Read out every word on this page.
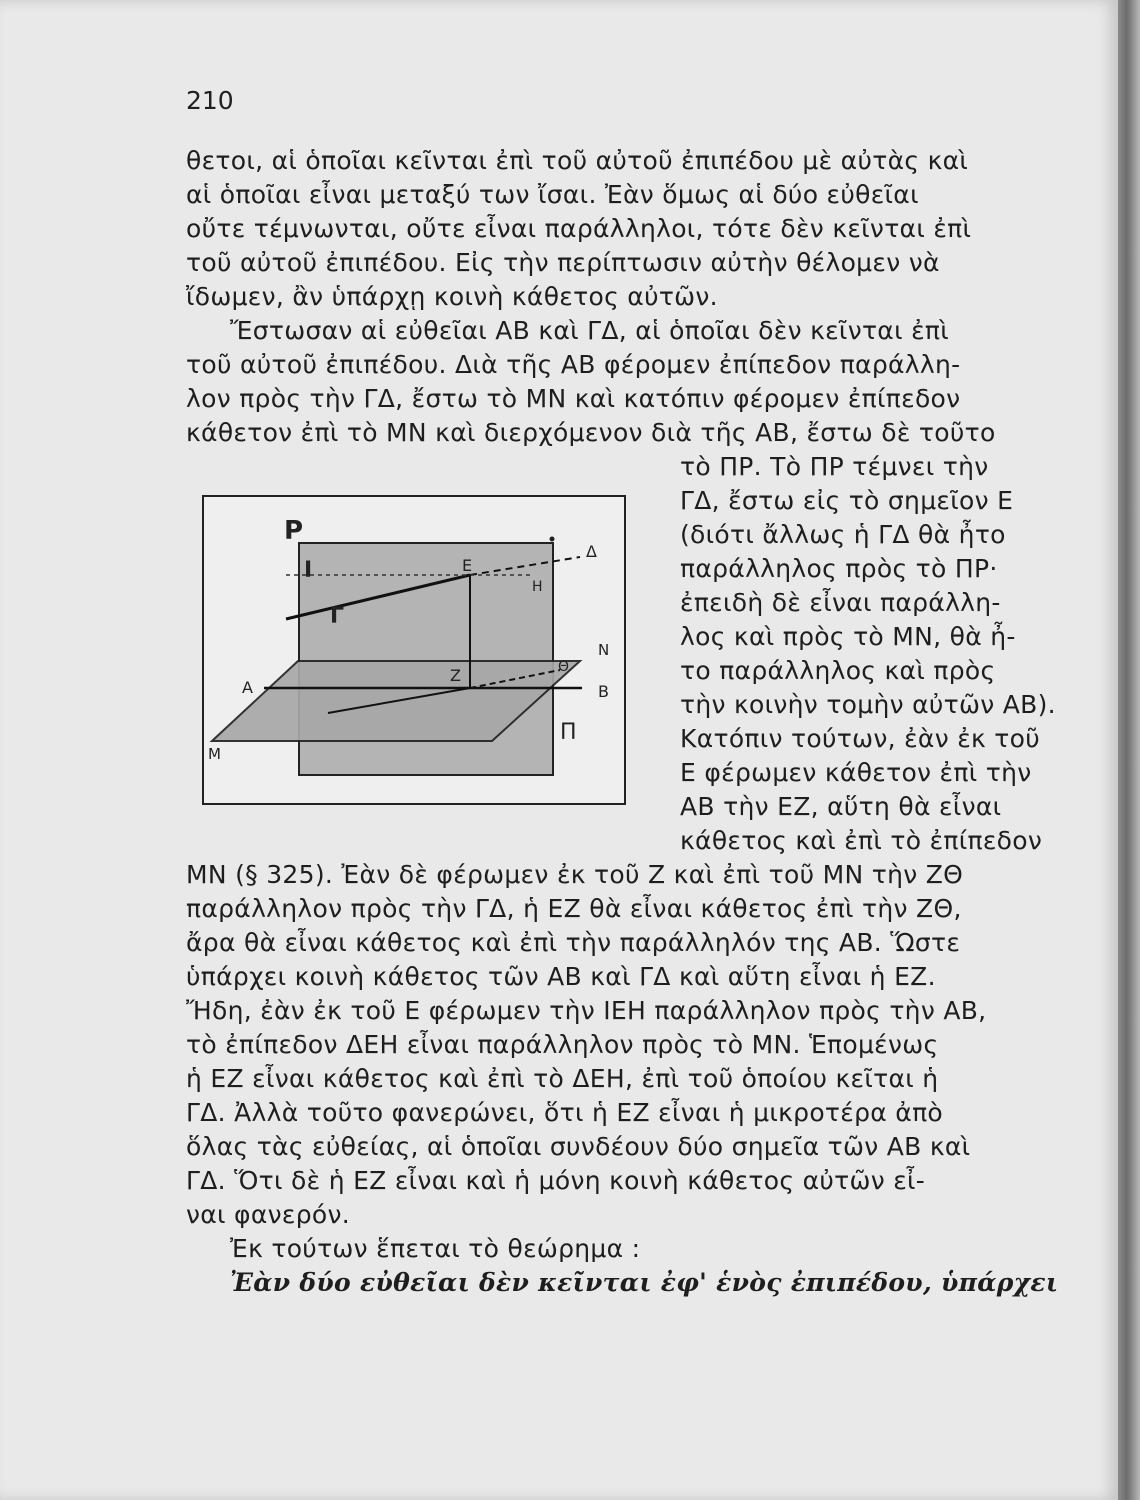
210
θετοι, αἱ ὁποῖαι κεῖνται ἐπὶ τοῦ αὐτοῦ ἐπιπέδου μὲ αὐτὰς καὶ
αἱ ὁποῖαι εἶναι μεταξύ των ἴσαι. Ἐὰν ὅμως αἱ δύο εὐθεῖαι
οὔτε τέμνωνται, οὔτε εἶναι παράλληλοι, τότε δὲν κεῖνται ἐπὶ
τοῦ αὐτοῦ ἐπιπέδου. Εἰς τὴν περίπτωσιν αὐτὴν θέλομεν νὰ
ἴδωμεν, ἂν ὑπάρχῃ κοινὴ κάθετος αὐτῶν.
Ἔστωσαν αἱ εὐθεῖαι ΑΒ καὶ ΓΔ, αἱ ὁποῖαι δὲν κεῖνται ἐπὶ
τοῦ αὐτοῦ ἐπιπέδου. Διὰ τῆς ΑΒ φέρομεν ἐπίπεδον παράλλη-
λον πρὸς τὴν ΓΔ, ἔστω τὸ ΜΝ καὶ κατόπιν φέρομεν ἐπίπεδον
κάθετον ἐπὶ τὸ ΜΝ καὶ διερχόμενον διὰ τῆς ΑΒ, ἔστω δὲ τοῦτο
τὸ ΠΡ. Τὸ ΠΡ τέμνει τὴν
ΓΔ, ἔστω εἰς τὸ σημεῖον Ε
(διότι ἄλλως ἡ ΓΔ θὰ ἦτο
παράλληλος πρὸς τὸ ΠΡ·
ἐπειδὴ δὲ εἶναι παράλλη-
λος καὶ πρὸς τὸ ΜΝ, θὰ ἦ-
το παράλληλος καὶ πρὸς
τὴν κοινὴν τομὴν αὐτῶν ΑΒ).
Κατόπιν τούτων, ἐὰν ἐκ τοῦ
Ε φέρωμεν κάθετον ἐπὶ τὴν
ΑΒ τὴν ΕΖ, αὕτη θὰ εἶναι
κάθετος καὶ ἐπὶ τὸ ἐπίπεδον
Ρ
Ι	Ε
Δ
Η
Γ
Ν
Θ
Α
Ζ
Β
Π
Μ
ΜΝ (§ 325). Ἐὰν δὲ φέρωμεν ἐκ τοῦ Ζ καὶ ἐπὶ τοῦ ΜΝ τὴν ΖΘ
παράλληλον πρὸς τὴν ΓΔ, ἡ ΕΖ θὰ εἶναι κάθετος ἐπὶ τὴν ΖΘ,
ἄρα θὰ εἶναι κάθετος καὶ ἐπὶ τὴν παράλληλόν της ΑΒ. Ὥστε
ὑπάρχει κοινὴ κάθετος τῶν ΑΒ καὶ ΓΔ καὶ αὕτη εἶναι ἡ ΕΖ.
Ἤδη, ἐὰν ἐκ τοῦ Ε φέρωμεν τὴν ΙΕΗ παράλληλον πρὸς τὴν ΑΒ,
τὸ ἐπίπεδον ΔΕΗ εἶναι παράλληλον πρὸς τὸ ΜΝ. Ἑπομένως
ἡ ΕΖ εἶναι κάθετος καὶ ἐπὶ τὸ ΔΕΗ, ἐπὶ τοῦ ὁποίου κεῖται ἡ
ΓΔ. Ἀλλὰ τοῦτο φανερώνει, ὅτι ἡ ΕΖ εἶναι ἡ μικροτέρα ἀπὸ
ὅλας τὰς εὐθείας, αἱ ὁποῖαι συνδέουν δύο σημεῖα τῶν ΑΒ καὶ
ΓΔ. Ὅτι δὲ ἡ ΕΖ εἶναι καὶ ἡ μόνη κοινὴ κάθετος αὐτῶν εἶ-
ναι φανερόν.
Ἐκ τούτων ἕπεται τὸ θεώρημα :
Ἐὰν δύο εὐθεῖαι δὲν κεῖνται ἐφ' ἑνὸς ἐπιπέδου, ὑπάρχει
